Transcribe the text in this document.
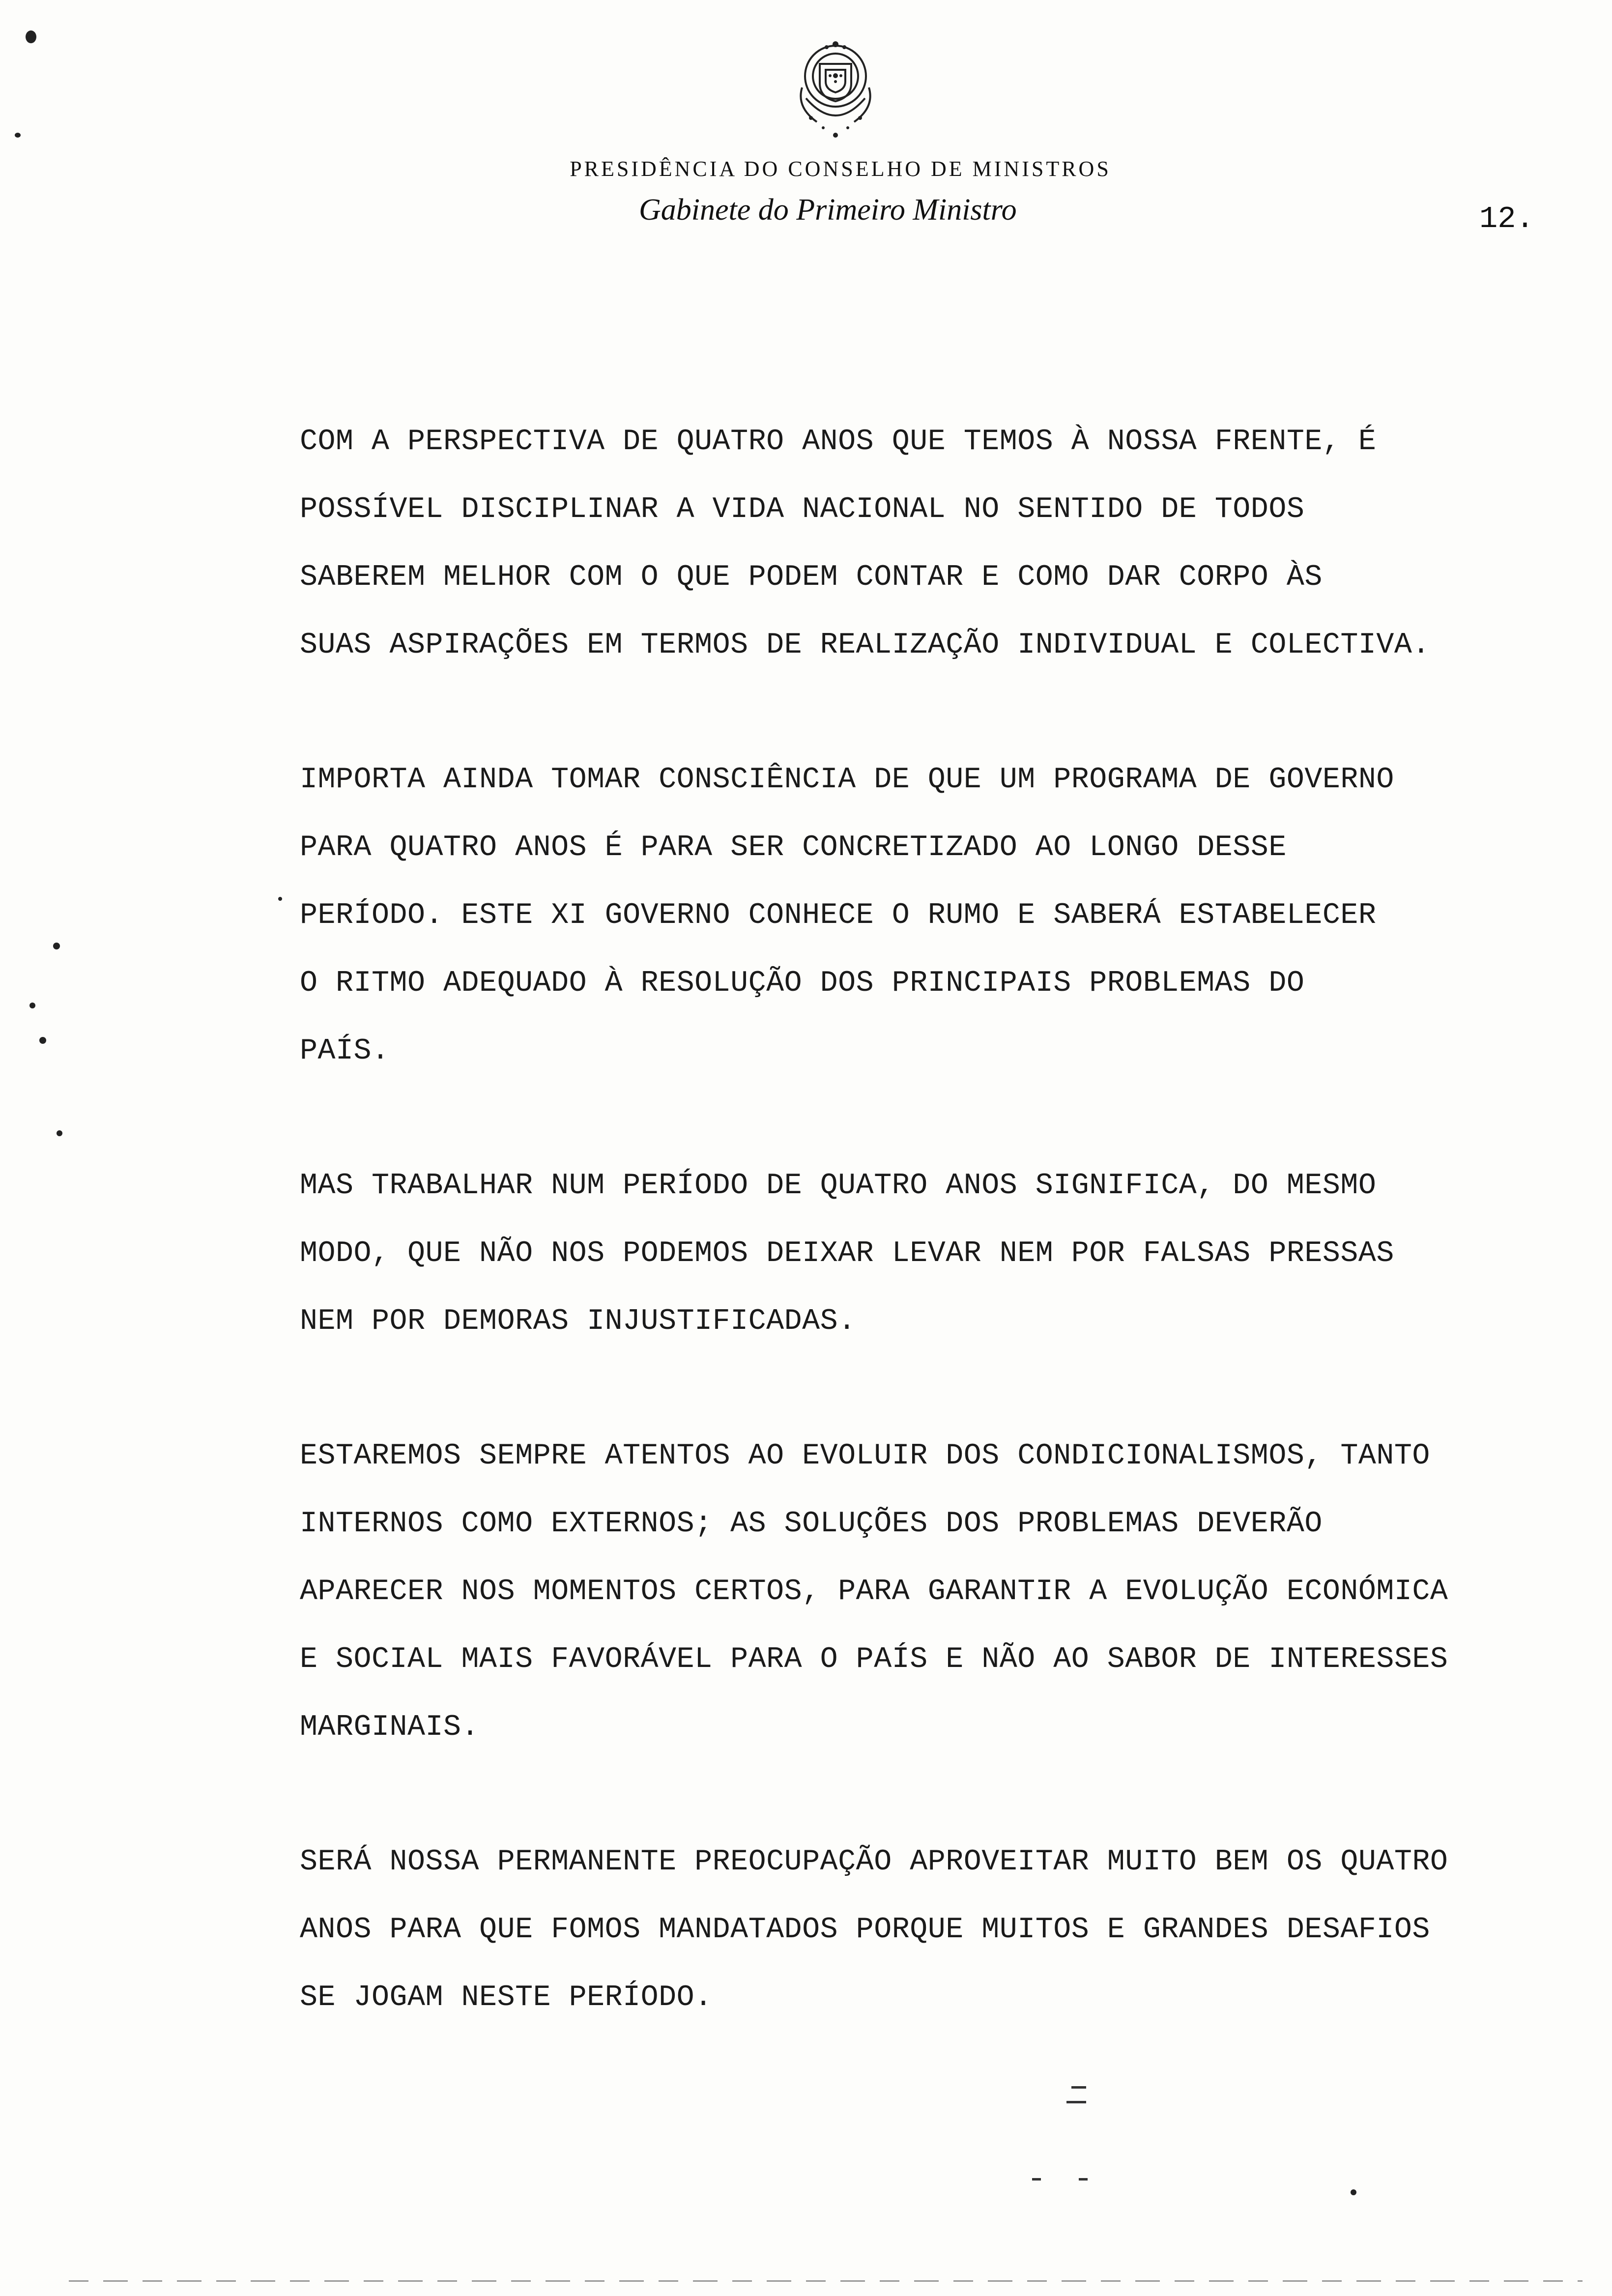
PRESIDÊNCIA DO CONSELHO DE MINISTROS
Gabinete do Primeiro Ministro	12.
COM A PERSPECTIVA DE QUATRO ANOS QUE TEMOS À NOSSA FRENTE, É
POSSÍVEL DISCIPLINAR A VIDA NACIONAL NO SENTIDO DE TODOS
SABEREM MELHOR COM O QUE PODEM CONTAR E COMO DAR CORPO ÀS
SUAS ASPIRAÇÕES EM TERMOS DE REALIZAÇÃO INDIVIDUAL E COLECTIVA.
IMPORTA AINDA TOMAR CONSCIÊNCIA DE QUE UM PROGRAMA DE GOVERNO
PARA QUATRO ANOS É PARA SER CONCRETIZADO AO LONGO DESSE
PERÍODO. ESTE XI GOVERNO CONHECE O RUMO E SABERÁ ESTABELECER
O RITMO ADEQUADO À RESOLUÇÃO DOS PRINCIPAIS PROBLEMAS DO
PAÍS.
MAS TRABALHAR NUM PERÍODO DE QUATRO ANOS SIGNIFICA, DO MESMO
MODO, QUE NÃO NOS PODEMOS DEIXAR LEVAR NEM POR FALSAS PRESSAS
NEM POR DEMORAS INJUSTIFICADAS.
ESTAREMOS SEMPRE ATENTOS AO EVOLUIR DOS CONDICIONALISMOS, TANTO
INTERNOS COMO EXTERNOS; AS SOLUÇÕES DOS PROBLEMAS DEVERÃO
APARECER NOS MOMENTOS CERTOS, PARA GARANTIR A EVOLUÇÃO ECONÓMICA
E SOCIAL MAIS FAVORÁVEL PARA O PAÍS E NÃO AO SABOR DE INTERESSES
MARGINAIS.
SERÁ NOSSA PERMANENTE PREOCUPAÇÃO APROVEITAR MUITO BEM OS QUATRO
ANOS PARA QUE FOMOS MANDATADOS PORQUE MUITOS E GRANDES DESAFIOS
SE JOGAM NESTE PERÍODO.
